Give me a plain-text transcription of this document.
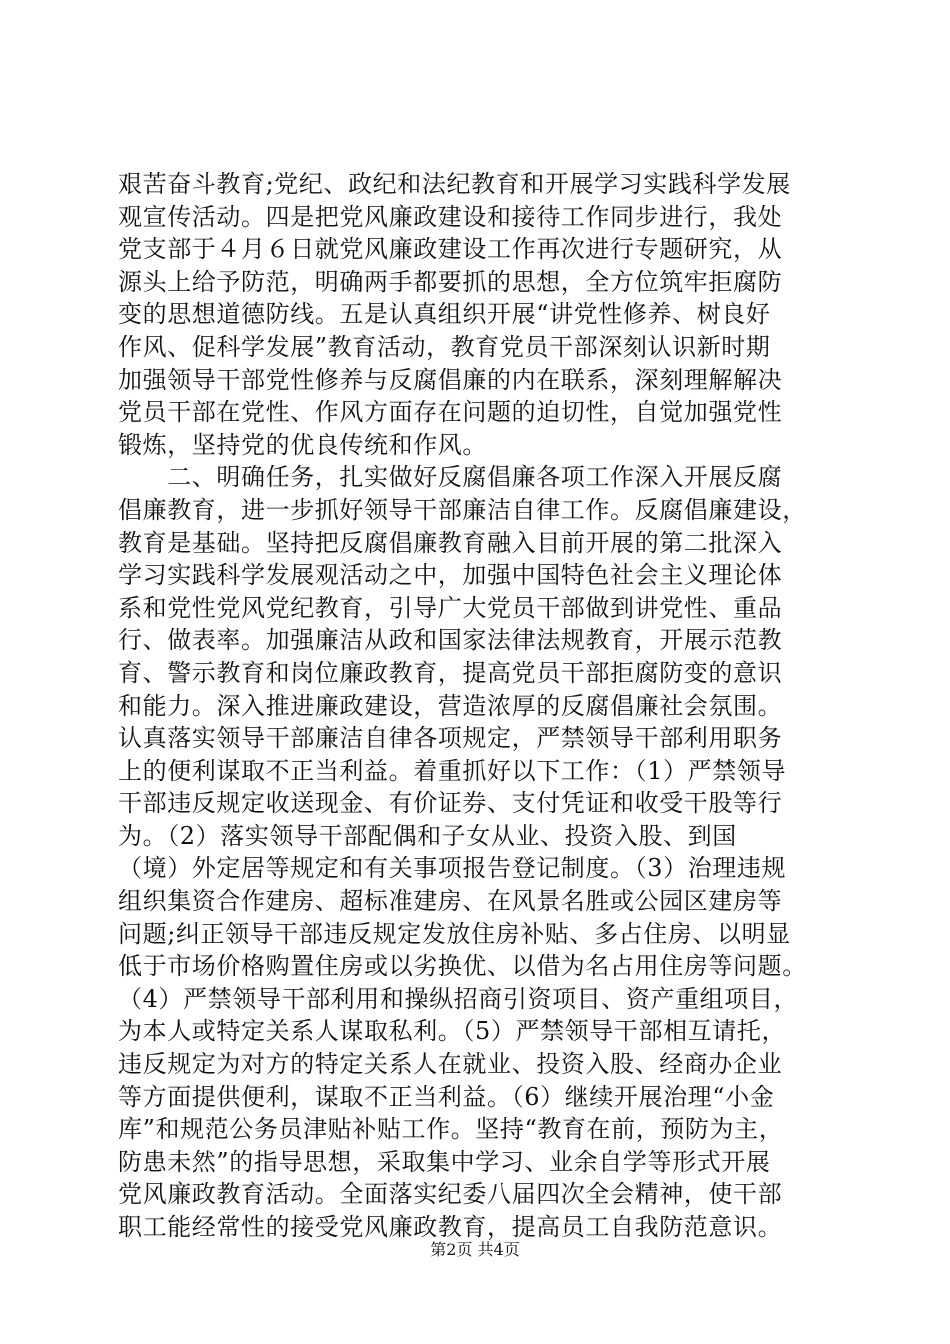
艰苦奋斗教育;党纪、政纪和法纪教育和开展学习实践科学发展
观宣传活动。四是把党风廉政建设和接待工作同步进行，我处
党支部于４月６日就党风廉政建设工作再次进行专题研究，从
源头上给予防范，明确两手都要抓的思想，全方位筑牢拒腐防
变的思想道德防线。五是认真组织开展“讲党性修养、树良好
作风、促科学发展”教育活动，教育党员干部深刻认识新时期
加强领导干部党性修养与反腐倡廉的内在联系，深刻理解解决
党员干部在党性、作风方面存在问题的迫切性，自觉加强党性
锻炼，坚持党的优良传统和作风。
　　二、明确任务，扎实做好反腐倡廉各项工作深入开展反腐
倡廉教育，进一步抓好领导干部廉洁自律工作。反腐倡廉建设，
教育是基础。坚持把反腐倡廉教育融入目前开展的第二批深入
学习实践科学发展观活动之中，加强中国特色社会主义理论体
系和党性党风党纪教育，引导广大党员干部做到讲党性、重品
行、做表率。加强廉洁从政和国家法律法规教育，开展示范教
育、警示教育和岗位廉政教育，提高党员干部拒腐防变的意识
和能力。深入推进廉政建设，营造浓厚的反腐倡廉社会氛围。
认真落实领导干部廉洁自律各项规定，严禁领导干部利用职务
上的便利谋取不正当利益。着重抓好以下工作：（1）严禁领导
干部违反规定收送现金、有价证券、支付凭证和收受干股等行
为。（2）落实领导干部配偶和子女从业、投资入股、到国
（境）外定居等规定和有关事项报告登记制度。（3）治理违规
组织集资合作建房、超标准建房、在风景名胜或公园区建房等
问题;纠正领导干部违反规定发放住房补贴、多占住房、以明显
低于市场价格购置住房或以劣换优、以借为名占用住房等问题。
（4）严禁领导干部利用和操纵招商引资项目、资产重组项目，
为本人或特定关系人谋取私利。（5）严禁领导干部相互请托，
违反规定为对方的特定关系人在就业、投资入股、经商办企业
等方面提供便利，谋取不正当利益。（6）继续开展治理“小金
库”和规范公务员津贴补贴工作。坚持“教育在前，预防为主，
防患未然”的指导思想，采取集中学习、业余自学等形式开展
党风廉政教育活动。全面落实纪委八届四次全会精神，使干部
职工能经常性的接受党风廉政教育，提高员工自我防范意识。
第2页 共4页
